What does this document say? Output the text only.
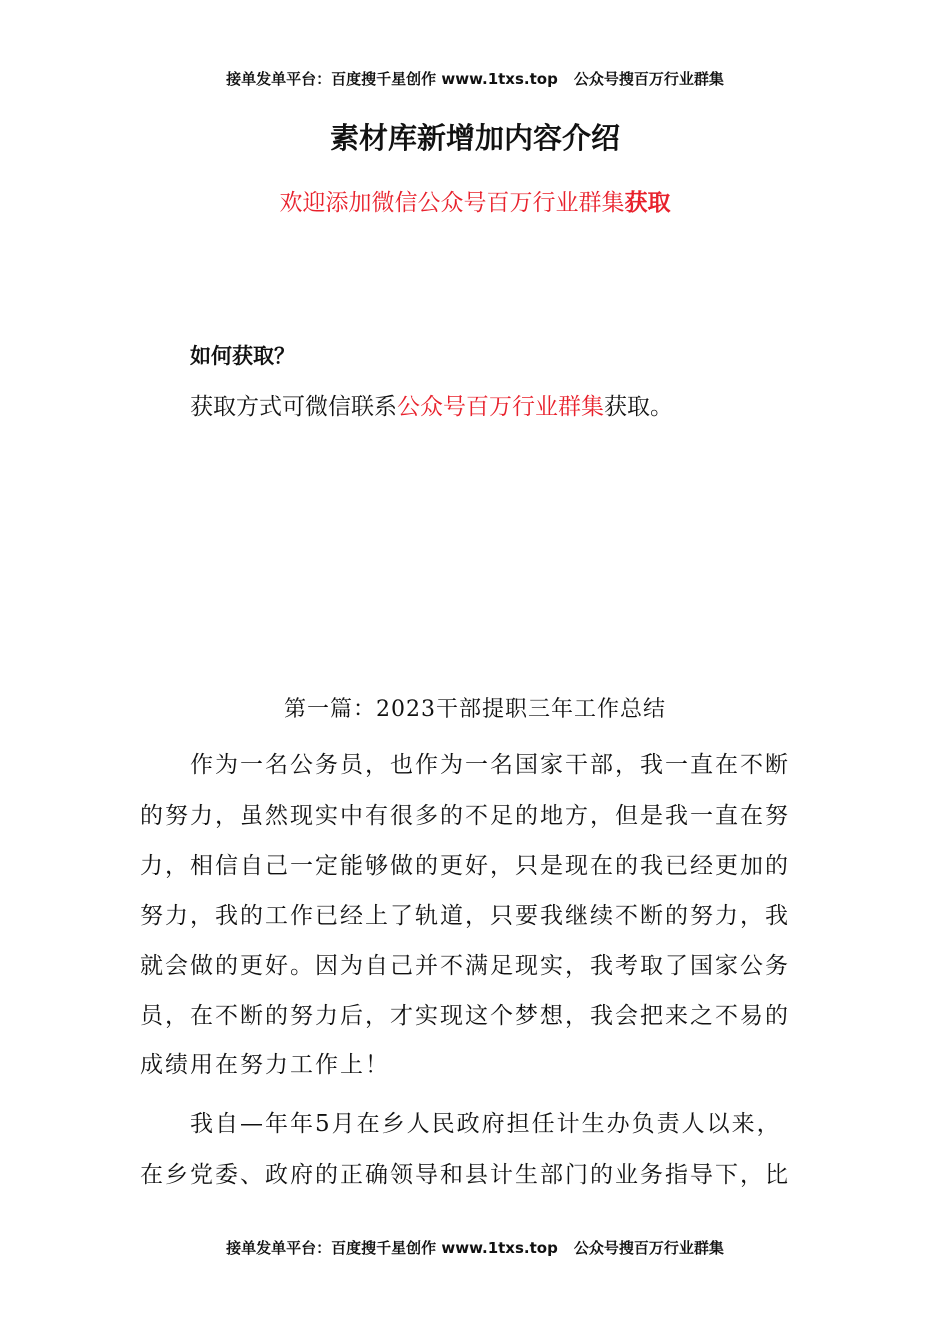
接单发单平台：百度搜千星创作 www.1txs.top 公众号搜百万行业群集
素材库新增加内容介绍
欢迎添加微信公众号百万行业群集获取
如何获取？
获取方式可微信联系公众号百万行业群集获取。
第一篇：2023干部提职三年工作总结
作为一名公务员，也作为一名国家干部，我一直在不断
的努力，虽然现实中有很多的不足的地方，但是我一直在努
力，相信自己一定能够做的更好，只是现在的我已经更加的
努力，我的工作已经上了轨道，只要我继续不断的努力，我
就会做的更好。因为自己并不满足现实，我考取了国家公务
员，在不断的努力后，才实现这个梦想，我会把来之不易的
成绩用在努力工作上！
我自—年年5月在乡人民政府担任计生办负责人以来，
在乡党委、政府的正确领导和县计生部门的业务指导下，比
接单发单平台：百度搜千星创作 www.1txs.top 公众号搜百万行业群集
